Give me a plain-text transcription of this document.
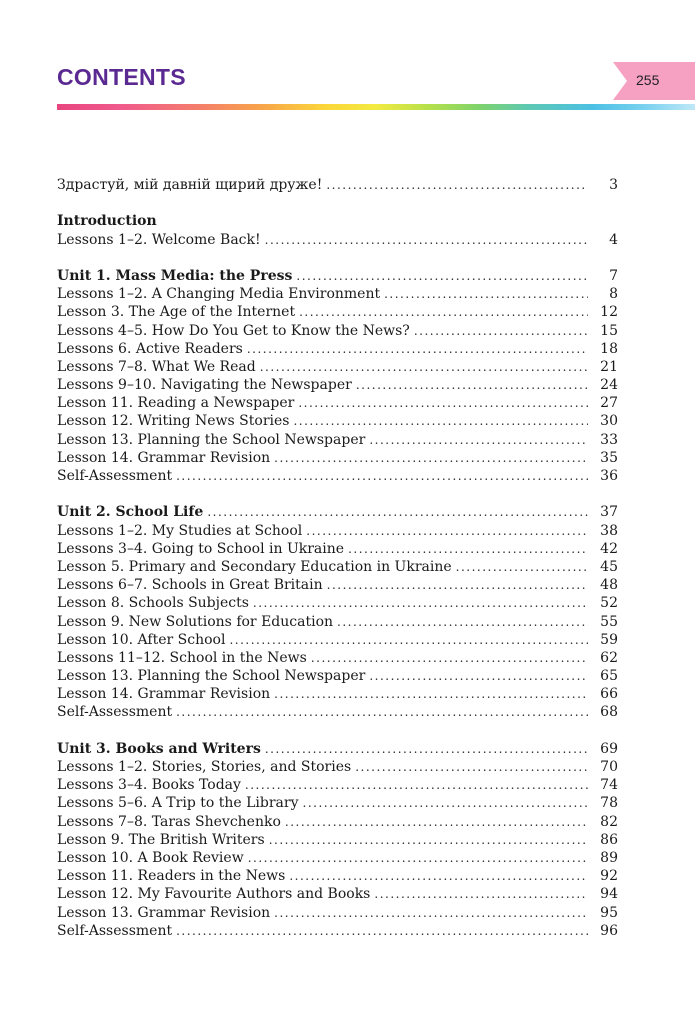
CONTENTS	255
Здрастуй, мій давній щирий друже! .....	3
Introduction
Lessons 1–2. Welcome Back! .....	4
Unit 1. Mass Media: the Press .....	7
Lessons 1–2. A Changing Media Environment .....	8
Lesson 3. The Age of the Internet .....	12
Lessons 4–5. How Do You Get to Know the News? .....	15
Lessons 6. Active Readers .....	18
Lessons 7–8. What We Read .....	21
Lessons 9–10. Navigating the Newspaper .....	24
Lesson 11. Reading a Newspaper .....	27
Lesson 12. Writing News Stories .....	30
Lesson 13. Planning the School Newspaper .....	33
Lesson 14. Grammar Revision .....	35
Self-Assessment .....	36
Unit 2. School Life .....	37
Lessons 1–2. My Studies at School .....	38
Lessons 3–4. Going to School in Ukraine .....	42
Lesson 5. Primary and Secondary Education in Ukraine .....	45
Lessons 6–7. Schools in Great Britain .....	48
Lesson 8. Schools Subjects .....	52
Lesson 9. New Solutions for Education .....	55
Lesson 10. After School .....	59
Lessons 11–12. School in the News .....	62
Lesson 13. Planning the School Newspaper .....	65
Lesson 14. Grammar Revision .....	66
Self-Assessment .....	68
Unit 3. Books and Writers .....	69
Lessons 1–2. Stories, Stories, and Stories .....	70
Lessons 3–4. Books Today .....	74
Lessons 5–6. A Trip to the Library .....	78
Lessons 7–8. Taras Shevchenko .....	82
Lesson 9. The British Writers .....	86
Lesson 10. A Book Review .....	89
Lesson 11. Readers in the News .....	92
Lesson 12. My Favourite Authors and Books .....	94
Lesson 13. Grammar Revision .....	95
Self-Assessment .....	96
